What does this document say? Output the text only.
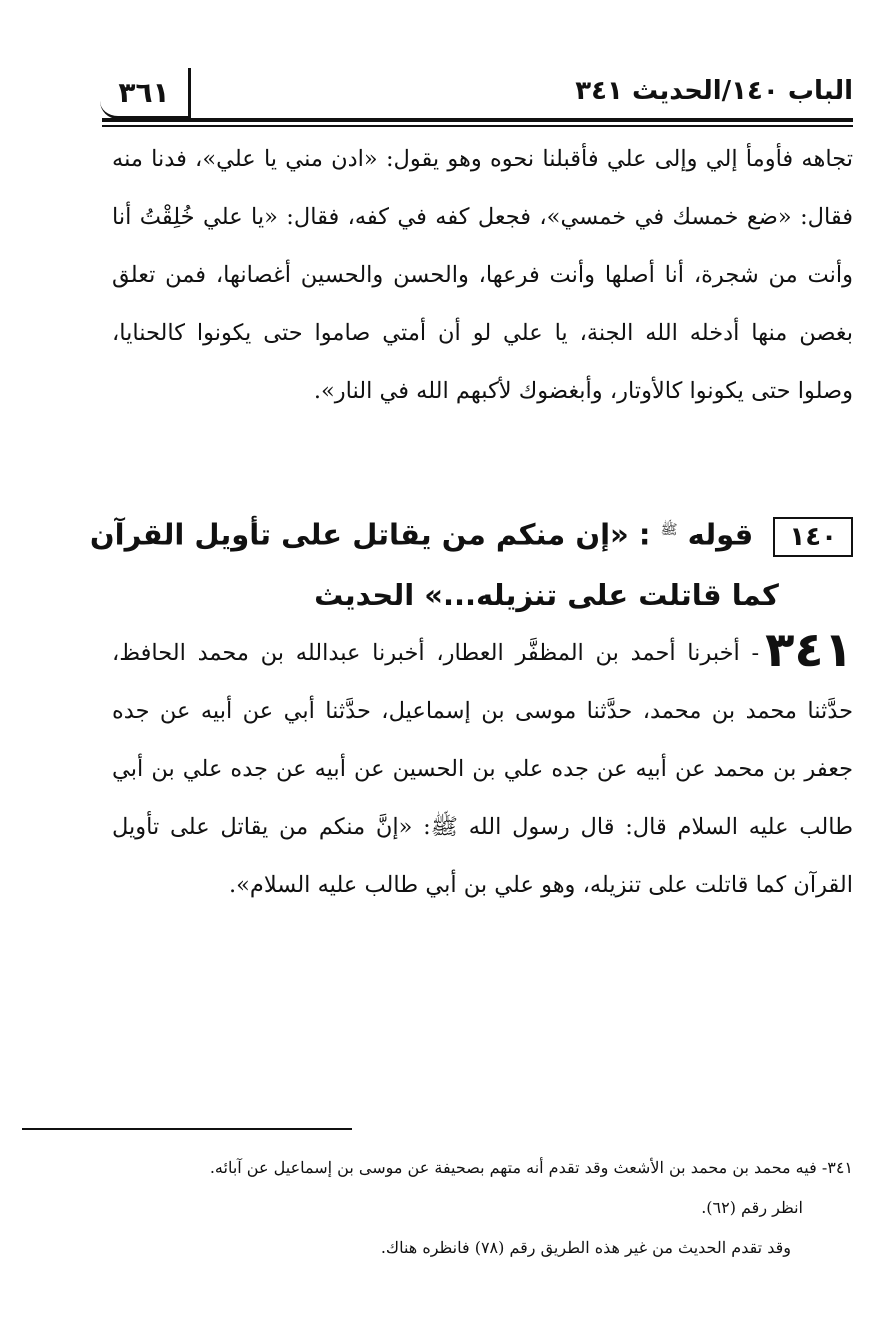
الباب ١٤٠/الحديث ٣٤١
٣٦١
تجاهه فأومأ إلي وإلى علي فأقبلنا نحوه وهو يقول: «ادن مني يا علي»، فدنا منه فقال: «ضع خمسك في خمسي»، فجعل كفه في كفه، فقال: «يا علي خُلِقْتُ أنا وأنت من شجرة، أنا أصلها وأنت فرعها، والحسن والحسين أغصانها، فمن تعلق بغصن منها أدخله الله الجنة، يا علي لو أن أمتي صاموا حتى يكونوا كالحنايا، وصلوا حتى يكونوا كالأوتار، وأبغضوك لأكبهم الله في النار».
١٤٠ قوله $^ﷺ$ : «إن منكم من يقاتل على تأويل القرآن
كما قاتلت على تنزيله...» الحديث
٣٤١- أخبرنا أحمد بن المظفَّر العطار، أخبرنا عبدالله بن محمد الحافظ، حدَّثنا محمد بن محمد، حدَّثنا موسى بن إسماعيل، حدَّثنا أبي عن أبيه عن جده جعفر بن محمد عن أبيه عن جده علي بن الحسين عن أبيه عن جده علي بن أبي طالب عليه السلام قال: قال رسول الله ﷺ: «إنَّ منكم من يقاتل على تأويل القرآن كما قاتلت على تنزيله، وهو علي بن أبي طالب عليه السلام».
٣٤١- فيه محمد بن محمد بن الأشعث وقد تقدم أنه متهم بصحيفة عن موسى بن إسماعيل عن آبائه.
انظر رقم (٦٢).
وقد تقدم الحديث من غير هذه الطريق رقم (٧٨) فانظره هناك.
